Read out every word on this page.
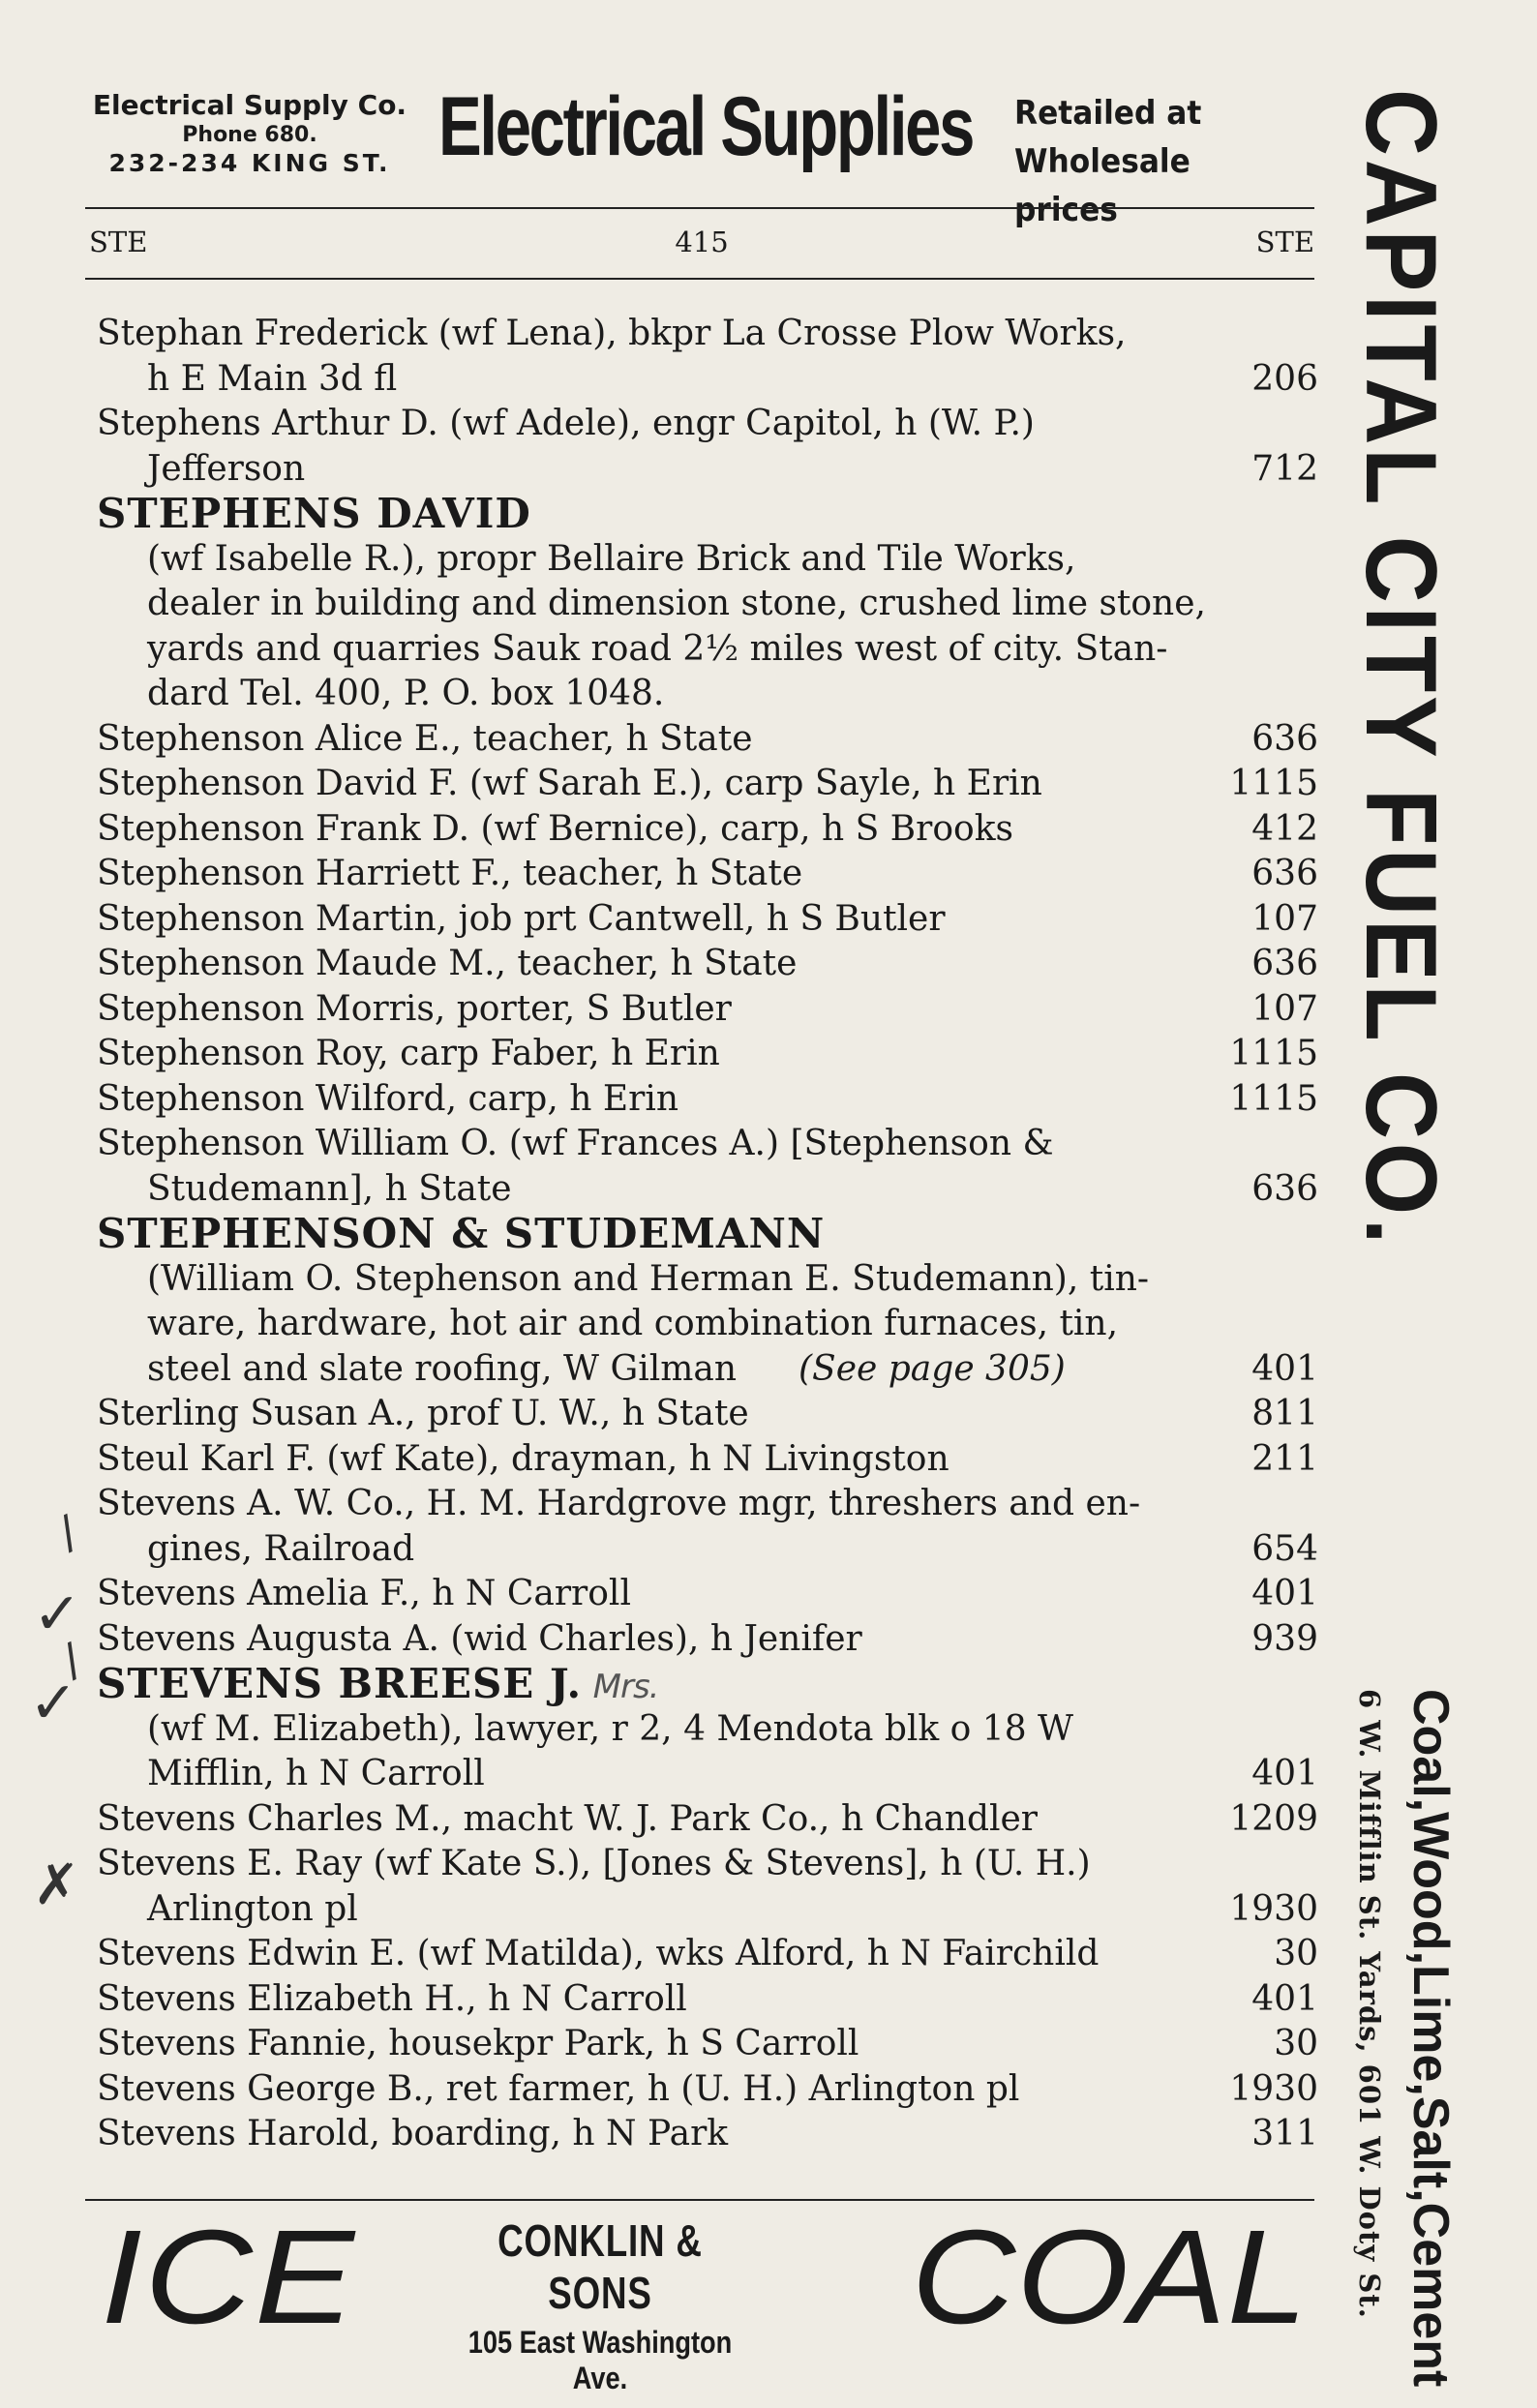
Electrical Supply Co.
Phone 680.
232-234 KING ST. Electrical Supplies Retailed at
Wholesale prices
STE	415	STE
Stephan Frederick (wf Lena), bkpr La Crosse Plow Works,
h E Main 3d fl	206
Stephens Arthur D. (wf Adele), engr Capitol, h (W. P.)
Jefferson	712
STEPHENS DAVID
(wf Isabelle R.), propr Bellaire Brick and Tile Works,
dealer in building and dimension stone, crushed lime stone,
yards and quarries Sauk road 2½ miles west of city. Stan-
dard Tel. 400, P. O. box 1048.
Stephenson Alice E., teacher, h State	636
Stephenson David F. (wf Sarah E.), carp Sayle, h Erin	1115
Stephenson Frank D. (wf Bernice), carp, h S Brooks	412
Stephenson Harriett F., teacher, h State	636
Stephenson Martin, job prt Cantwell, h S Butler	107
Stephenson Maude M., teacher, h State	636
Stephenson Morris, porter, S Butler	107
Stephenson Roy, carp Faber, h Erin	1115
Stephenson Wilford, carp, h Erin	1115
Stephenson William O. (wf Frances A.) [Stephenson &
Studemann], h State	636
STEPHENSON & STUDEMANN
(William O. Stephenson and Herman E. Studemann), tin-
ware, hardware, hot air and combination furnaces, tin,
steel and slate roofing, W Gilman (See page 305)	401
Sterling Susan A., prof U. W., h State	811
Steul Karl F. (wf Kate), drayman, h N Livingston	211
Stevens A. W. Co., H. M. Hardgrove mgr, threshers and en-
gines, Railroad	654
Stevens Amelia F., h N Carroll	401
Stevens Augusta A. (wid Charles), h Jenifer	939
STEVENS BREESE J. Mrs.
(wf M. Elizabeth), lawyer, r 2, 4 Mendota blk o 18 W
Mifflin, h N Carroll	401
Stevens Charles M., macht W. J. Park Co., h Chandler	1209
Stevens E. Ray (wf Kate S.), [Jones & Stevens], h (U. H.)
Arlington pl	1930
Stevens Edwin E. (wf Matilda), wks Alford, h N Fairchild	30
Stevens Elizabeth H., h N Carroll	401
Stevens Fannie, housekpr Park, h S Carroll	30
Stevens George B., ret farmer, h (U. H.) Arlington pl	1930
Stevens Harold, boarding, h N Park	311
/
✓
/
✓
✗
CAPITAL CITY FUEL CO.
Coal,Wood,Lime,Salt,Cement
6 W. Mifflin St. Yards, 601 W. Doty St.
ICE	CONKLIN & SONS
105 East Washington Ave.
COAL
